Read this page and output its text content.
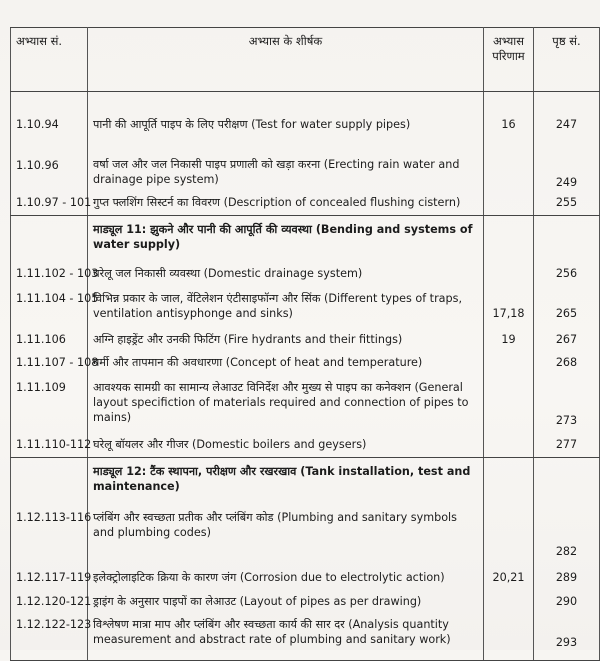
अभ्यास सं.	अभ्यास के शीर्षक	अभ्यास परिणाम	पृष्ठ सं.
1.10.94	पानी की आपूर्ति पाइप के लिए परीक्षण (Test for water supply pipes)	16	247
1.10.96	वर्षा जल और जल निकासी पाइप प्रणाली को खड़ा करना (Erecting rain water and drainage pipe system)		249
1.10.97 - 101	गुप्त फ्लशिंग सिस्टर्न का विवरण (Description of concealed flushing cistern)		255
	माड्यूल 11: झुकने और पानी की आपूर्ति की व्यवस्था (Bending and systems of water supply)		
1.11.102 - 103	घरेलू जल निकासी व्यवस्था (Domestic drainage system)		256
1.11.104 - 105	विभिन्न प्रकार के जाल, वेंटिलेशन एंटीसाइफॉन्ग और सिंक (Different types of traps, ventilation antisyphonge and sinks)	17,18	265
1.11.106	अग्नि हाइड्रेंट और उनकी फिटिंग (Fire hydrants and their fittings)	19	267
1.11.107 - 108	गर्मी और तापमान की अवधारणा (Concept of heat and temperature)		268
1.11.109	आवश्यक सामग्री का सामान्य लेआउट विनिर्देश और मुख्य से पाइप का कनेक्शन (General layout specifiction of materials required and connection of pipes to mains)		273
1.11.110-112	घरेलू बॉयलर और गीजर (Domestic boilers and geysers)		277
	माड्यूल 12: टैंक स्थापना, परीक्षण और रखरखाव (Tank installation, test and maintenance)		
1.12.113-116	प्लंबिंग और स्वच्छता प्रतीक और प्लंबिंग कोड (Plumbing and sanitary symbols and plumbing codes)		282
1.12.117-119	इलेक्ट्रोलाइटिक क्रिया के कारण जंग (Corrosion due to electrolytic action)	20,21	289
1.12.120-121	ड्राइंग के अनुसार पाइपों का लेआउट (Layout of pipes as per drawing)		290
1.12.122-123	विश्लेषण मात्रा माप और प्लंबिंग और स्वच्छता कार्य की सार दर (Analysis quantity measurement and abstract rate of plumbing and sanitary work)		293
